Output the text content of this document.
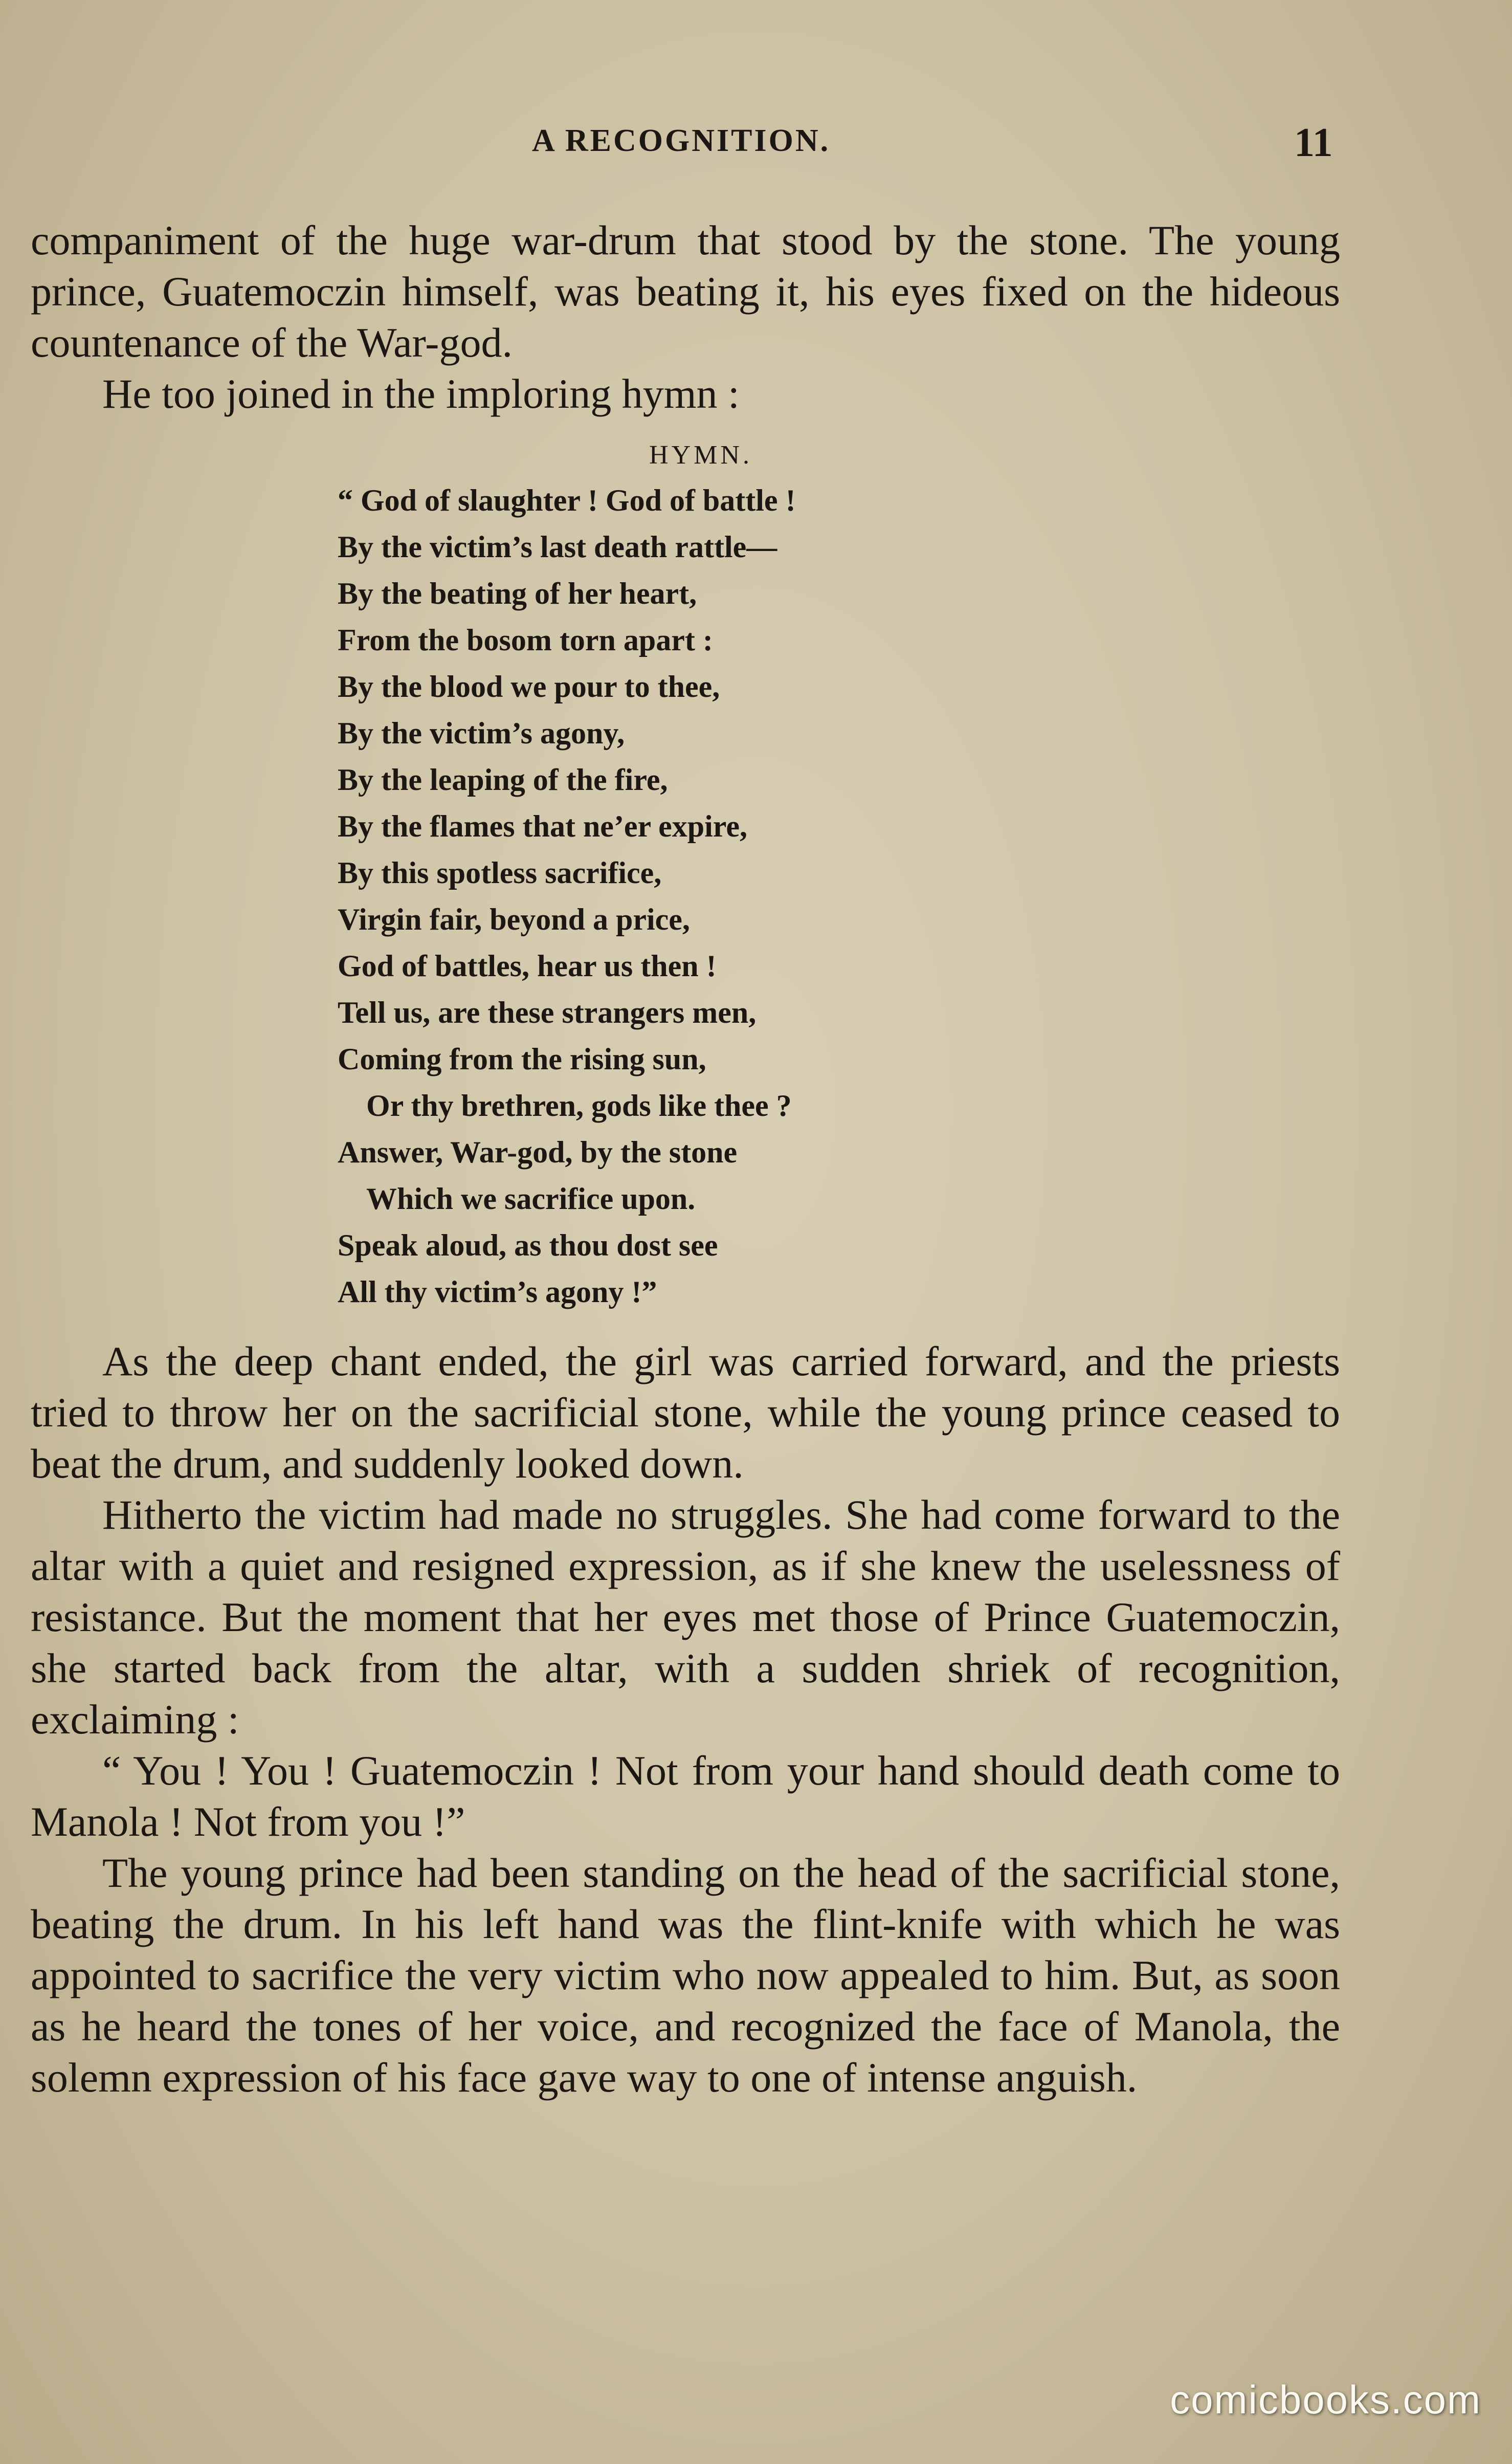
A RECOGNITION.	11

companiment of the huge war-drum that stood by the stone. The young prince, Guatemoczin himself, was beating it, his eyes fixed on the hideous countenance of the War-god.

He too joined in the imploring hymn :

HYMN.
“ God of slaughter ! God of battle !
By the victim’s last death rattle—
By the beating of her heart,
From the bosom torn apart :
By the blood we pour to thee,
By the victim’s agony,
By the leaping of the fire,
By the flames that ne’er expire,
By this spotless sacrifice,
Virgin fair, beyond a price,
God of battles, hear us then !
Tell us, are these strangers men,
Coming from the rising sun,
Or thy brethren, gods like thee ?
Answer, War-god, by the stone
Which we sacrifice upon.
Speak aloud, as thou dost see
All thy victim’s agony !”

As the deep chant ended, the girl was carried forward, and the priests tried to throw her on the sacrificial stone, while the young prince ceased to beat the drum, and suddenly looked down.

Hitherto the victim had made no struggles. She had come forward to the altar with a quiet and resigned expression, as if she knew the uselessness of resistance. But the moment that her eyes met those of Prince Guatemoczin, she started back from the altar, with a sudden shriek of recognition, exclaiming :

“ You ! You ! Guatemoczin ! Not from your hand should death come to Manola ! Not from you !”

The young prince had been standing on the head of the sacrificial stone, beating the drum. In his left hand was the flint-knife with which he was appointed to sacrifice the very victim who now appealed to him. But, as soon as he heard the tones of her voice, and recognized the face of Manola, the solemn expression of his face gave way to one of intense anguish.

comicbooks.com
